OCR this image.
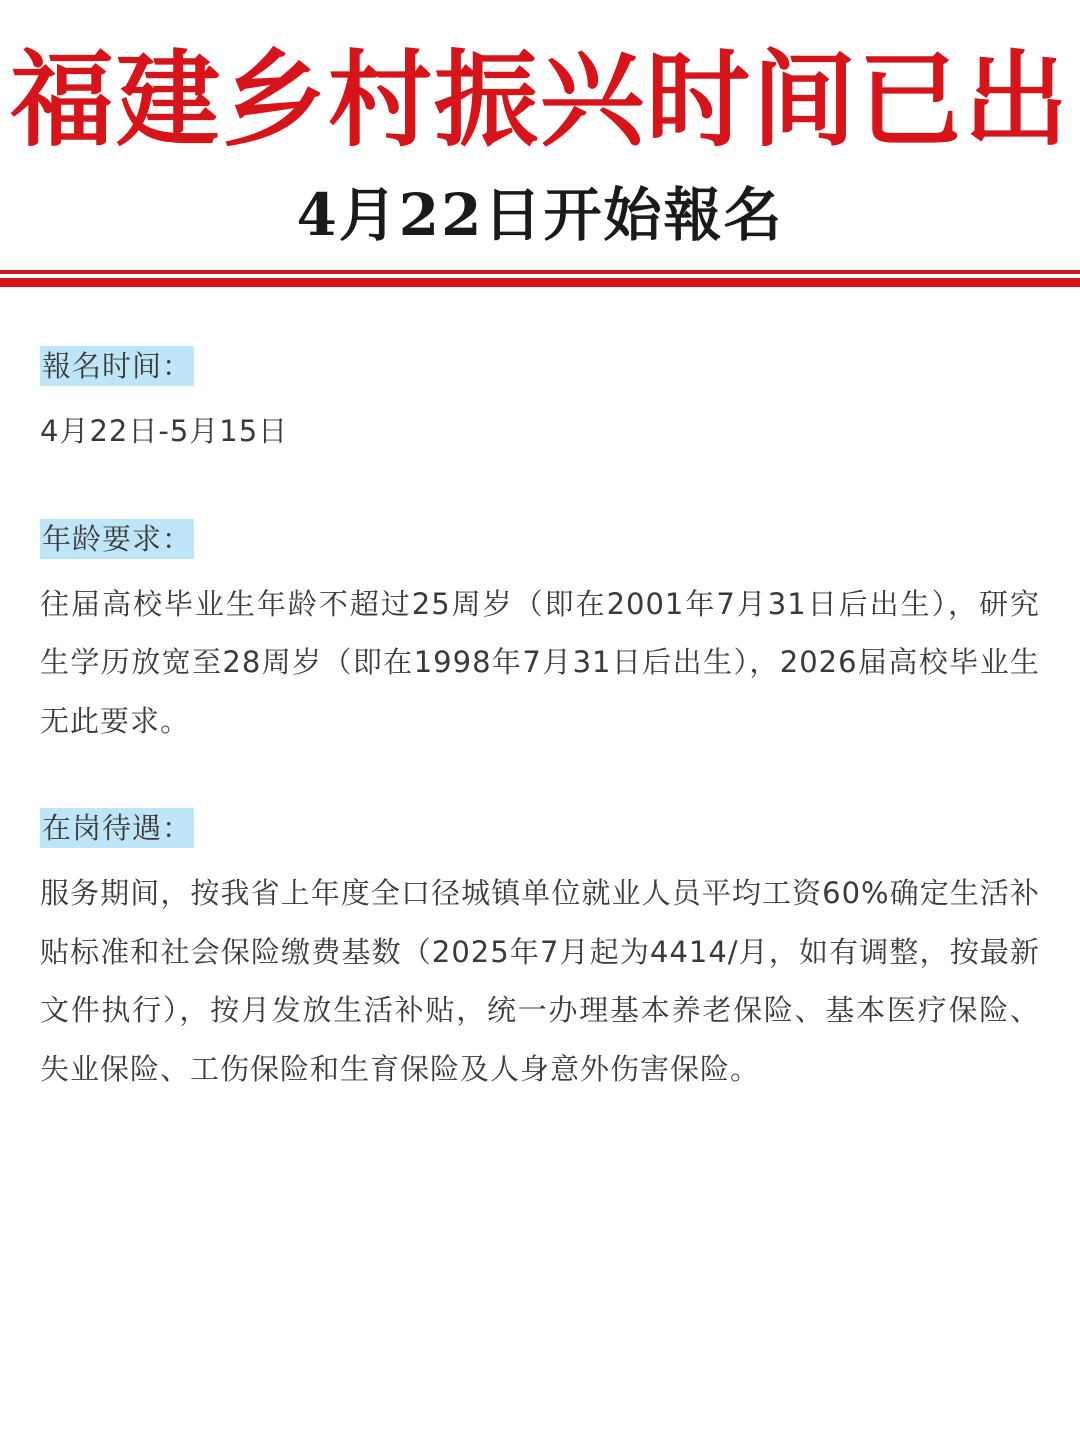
福建乡村振兴时间已出
4月22日开始報名
報名时间：
4月22日-5月15日
年龄要求：
往届高校毕业生年龄不超过25周岁（即在2001年7月31日后出生），研究生学历放宽至28周岁（即在1998年7月31日后出生），2026届高校毕业生无此要求。
在岗待遇：
服务期间，按我省上年度全口径城镇单位就业人员平均工资60%确定生活补贴标准和社会保险缴费基数（2025年7月起为4414/月，如有调整，按最新文件执行），按月发放生活补贴，统一办理基本养老保险、基本医疗保险、失业保险、工伤保险和生育保险及人身意外伤害保险。
